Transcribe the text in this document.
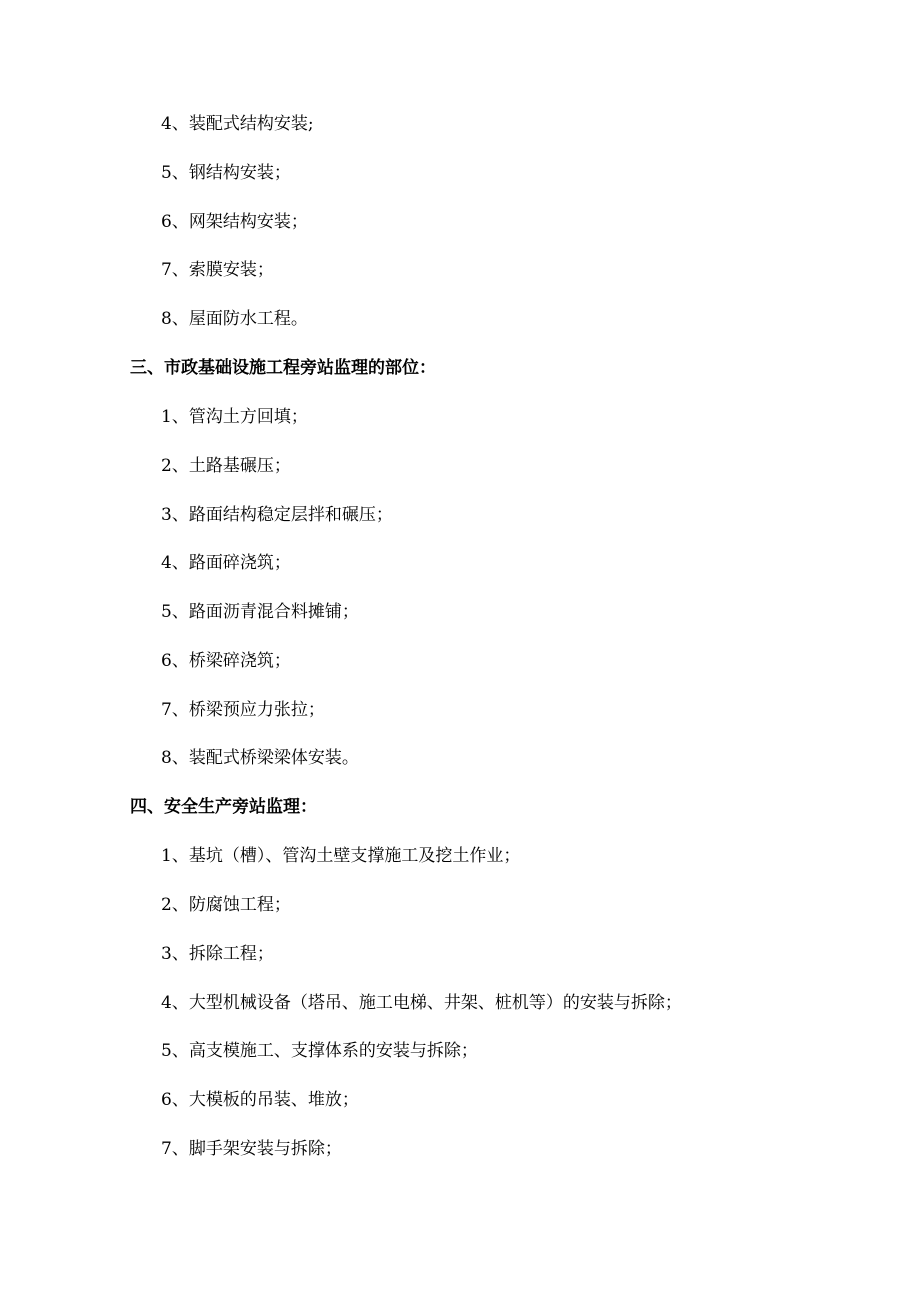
4、装配式结构安装;
5、钢结构安装；
6、网架结构安装；
7、索膜安装；
8、屋面防水工程。
三、市政基础设施工程旁站监理的部位：
1、管沟土方回填；
2、土路基碾压；
3、路面结构稳定层拌和碾压；
4、路面碎浇筑；
5、路面沥青混合料摊铺；
6、桥梁碎浇筑；
7、桥梁预应力张拉；
8、装配式桥梁梁体安装。
四、安全生产旁站监理：
1、基坑（槽）、管沟土壁支撑施工及挖土作业；
2、防腐蚀工程；
3、拆除工程；
4、大型机械设备（塔吊、施工电梯、井架、桩机等）的安装与拆除；
5、高支模施工、支撑体系的安装与拆除；
6、大模板的吊装、堆放；
7、脚手架安装与拆除；
